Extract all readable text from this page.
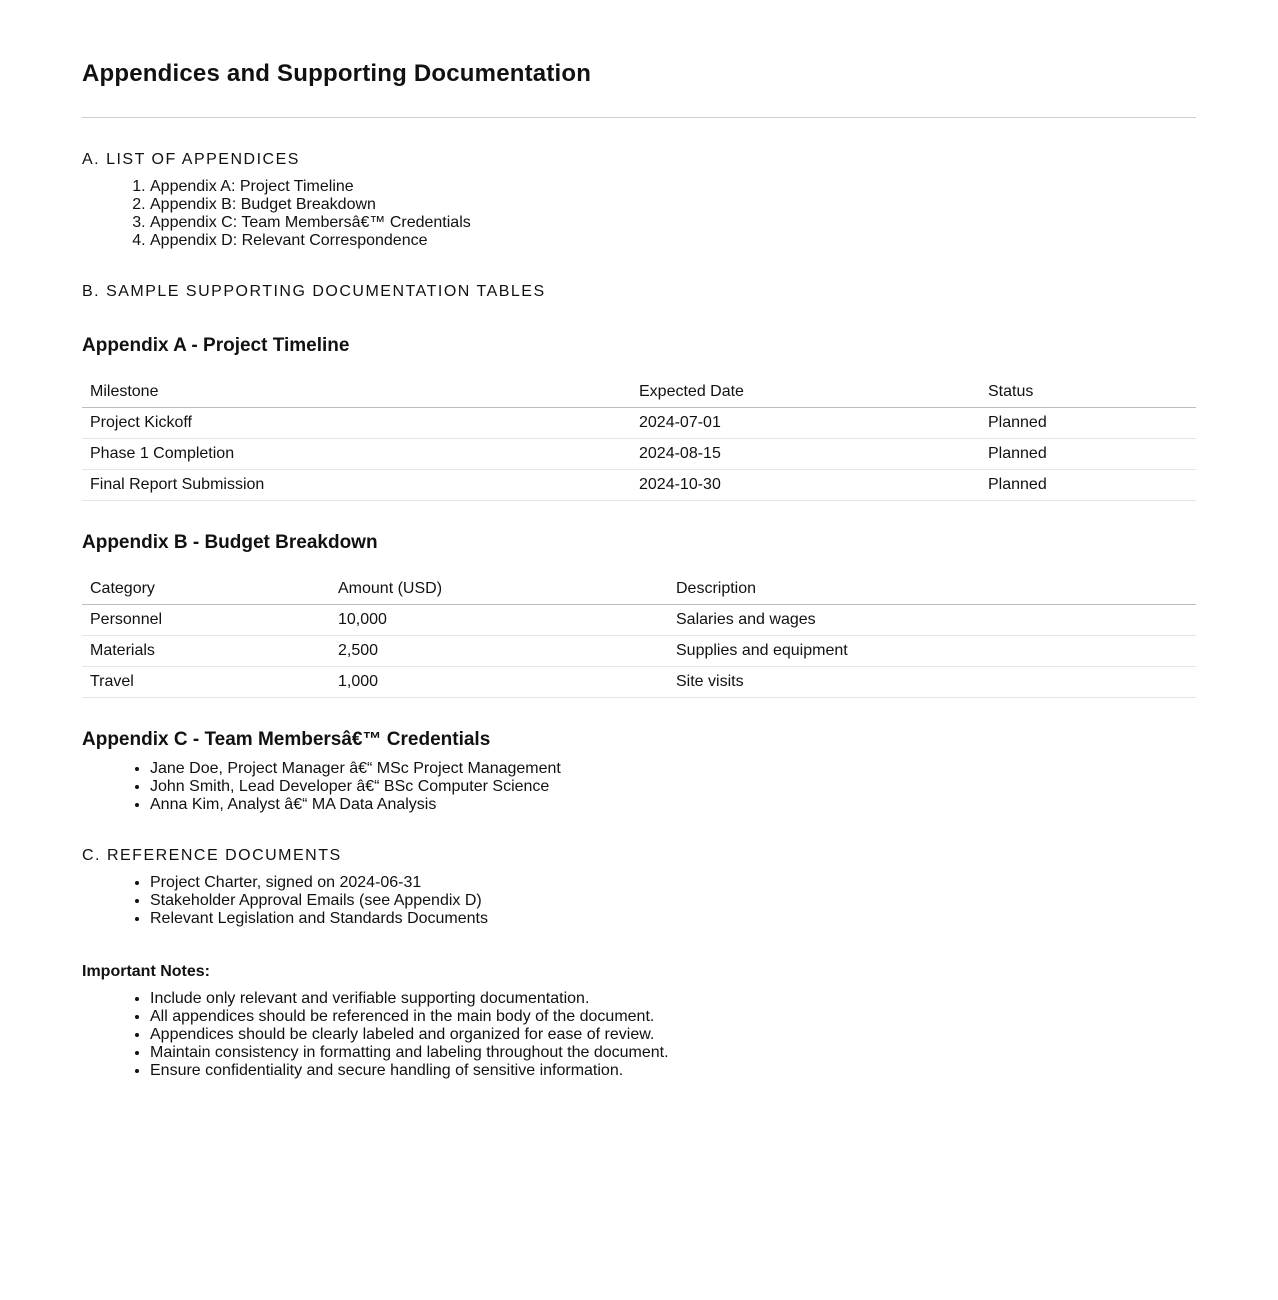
Appendices and Supporting Documentation
A. LIST OF APPENDICES
1. Appendix A: Project Timeline
2. Appendix B: Budget Breakdown
3. Appendix C: Team Membersâ€™ Credentials
4. Appendix D: Relevant Correspondence
B. SAMPLE SUPPORTING DOCUMENTATION TABLES
Appendix A - Project Timeline
Milestone	Expected Date	Status
Project Kickoff	2024-07-01	Planned
Phase 1 Completion	2024-08-15	Planned
Final Report Submission	2024-10-30	Planned
Appendix B - Budget Breakdown
Category	Amount (USD)	Description
Personnel	10,000	Salaries and wages
Materials	2,500	Supplies and equipment
Travel	1,000	Site visits
Appendix C - Team Membersâ€™ Credentials
• Jane Doe, Project Manager â€“ MSc Project Management
• John Smith, Lead Developer â€“ BSc Computer Science
• Anna Kim, Analyst â€“ MA Data Analysis
C. REFERENCE DOCUMENTS
• Project Charter, signed on 2024-06-31
• Stakeholder Approval Emails (see Appendix D)
• Relevant Legislation and Standards Documents

Important Notes:

• Include only relevant and verifiable supporting documentation.
• All appendices should be referenced in the main body of the document.
• Appendices should be clearly labeled and organized for ease of review.
• Maintain consistency in formatting and labeling throughout the document.
• Ensure confidentiality and secure handling of sensitive information.
